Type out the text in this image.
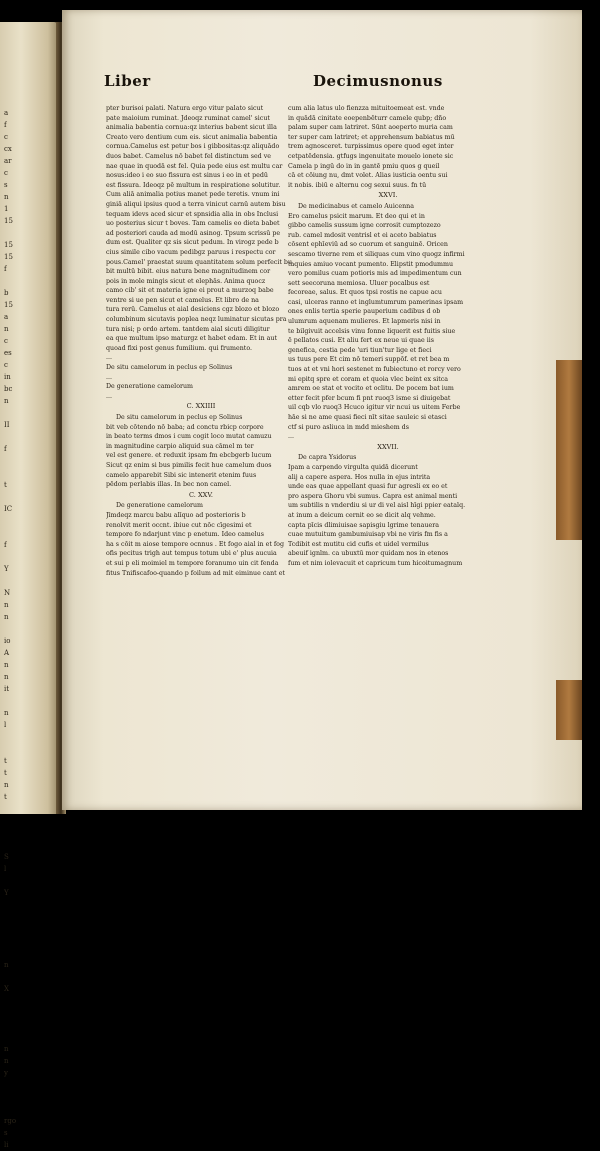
a
f
c
cx
ar
c
s
n
1
15

15
15
f

b
15
a
n
c
es
c
in
bc
n

II

f

t

IC

f

Y

N
n
n

io
A
n
n
it

n
l

t
t
n
t

S
l

Y

n

X

n
n
y

rgo
s
li
Liber	Decimusnonus
pter burisoi palati. Natura ergo vitur palato sicut
pate maioium ruminat. Jdeoqz ruminat camel' sicut
animalia babentia cornua:qz interius babent sicut illa
Creato vero dentium cum eis. sicut animalia babentia
cornua.Camelus est petur bos i gibbositas:qz aliquādo
duos babet. Camelus nō babet fel distinctum sed ve
nae quae in quodā est fel. Quia pede eius est multu car
nosus:ideo i eo suo fissura est sinus i eo in et pedū
est fissura. Ideoqz pē multum in respiratione solutitur.
Cum aliā animalia potius manet pede teretis. vnum ini
giniā aliqui ipsius quod a terra vinicut carnū autem bisu
tequam idevs aced sicur et spnsidia alia in obs Inclusi
uo posterius sicur t boves. Tam camelis eo dieta babet
ad posteriori cauda ad modū asinog. Tpsum scrissū pe
dum est. Qualiter qz sis sicut pedum. In virogz pede b
cius simile cibo vacum pedibgz paruus i respectu cor
pous.Camel' praestat suum quantitatem solum perfecit bu
bit multū bibit. eius natura bene magnitudinem cor
pois in mole mingis sicut et elephās. Anima quocz
camo cib' sit et materia igne ei prout a murzoq babe
ventre si ue pen sicut et camelus. Et libro de na
tura rerū. Camelus et aial desiciens cgz blozo et blozo
columbinum sicutavis poplea neqz luminatur sicutas pra
tura nisi; p ordo artem. tantdem aial sicuti diligitur
ea que multum ipso maturgz et habet edam. Et in aut
quoad fixi post genus fumilium. qui frumento.
...
De situ camelorum in peclus ep Solinus
...
De generatione camelorum
...
C. XXIIII
De situ camelorum in peclus ep Solinus
bit veb cōtendo nō baba; ad conctu rbicp corpore
in beato terms dmos i cum cogit loco mutat camuzu
in magnitudine carpio aliquid sua cāmel m ter
vel est genere. et reduxit ipsam fm ebcbgerb lucum
Sicut qz enim si bus pimilis fecit hue camelum duos
camelo apparebit Sibi sic intenerit etenim fuus
pēdom perlabis illas. In bec non camel.
C. XXV.
De generatione camelorum
Jīmdeqz marcu babu alīquo ad posterioris b
renolvit merit occnt. ibiue cut nōc cīgesimi et
tempore fo ndarjunt vinc p enetum. Ideo camelus
ha s cōit m aiose tempore ocnnus . Et fogo aial in et fog
ofis pecitus trigh aut tempus totum ubi e' plus aucuia
et sui p eli moimiel m tempore foranumo uin cit fenda
fitus Tnifiscafoo-quando p foilum ad mit eiminue cant et
cum alia latus ulo fienzza mituitoemeat est. vnde
in quādā cinitate eoepenbēturr camele qubp; dño
palam super cam latriret. Sūnt aoeperto muria cam
ter super cam latriret; et apprehensum babiatus mū
trem agnosceret. turpissimus opere quod eget inter
cetpatēdensia. gtfugs ingenuitate mouelo ionete sic
Camela p ingū do in in gantē pmiu quos g queil
cā et cōiung nu, dmt volet. Alias iusticia oentu sui
it nobis. ibiū e alternu cog sexui suus. fn tū
XXVI.
De medicinabus et camelo Auicenna
Ero camelus psicit marum. Et deo qui et in
gibbo camelis sussum igne corrosit cumptozezo
rub. camel mdosit ventrisl et ei aceto babiatus
cōsent ephīeviū ad so cuorum et sanguinē. Oricen
sescamo tiverne rem et siliquas cum vino quogz infirmi
taquies amiuo vocant pumento. Elipstit pmodummu
vero pomilus cuam potioris mis ad impedimentum cun
sett seecoruna memiosa. Uluer pocalbus est
fecoreae, salus. Et quos tpsi rostis ne capue acu
casi, ulceras ranno et inglumtumrum pamerinas ipsam
ones enlis tertia sperie pauperium cadibus d ob
ulumrum aquenam mulieres. Et lapmeris nisi in
te bilgivuit accelsis vinu fonne liquerit est fuitis siue
ē pellatos cusi. Et aliu fert ex neue ui quae iis
genefica, cestia pede 'uri tiun'tur lige et fieci
us tuus pere Et cim nō temeri suppōf. et ret bea m
tuos at et vni hori sestenet m fubiectuno et rorcy vero
mi epitq spre et coram et quoia vlec beint ex sitca
amrem oe stat et vocito et oclitu. De pocem bat ium
etter fecit pfer bcum fi pnt ruoq3 isme si diuigebat
uil cqb vlo ruoq3 Hcuco igitur vir ncui us uitem Ferbe
hāe si ne ame quasi fieci nīt sitae sauleic si etasci
ctf si puro asliuca in mdd mieshem ds
...
XXVII.
De capra Ysidorus
Ipam a carpendo virgulta quidā dicerunt
alij a capere aspera. Hos nulla in ejus intrita
unde eas quae appellant quasi fur agresli ex eo et
pro aspera Ghoru vbi sumus. Capra est animal menti
um subtilis n vnderdiu si ur di vel aisl hīgi ppier eatalq.
at inum a deicum cernit eo se dicit alq vehme.
capta pīcis dlimiuisae sapisgiu lgrime tenauera
cuae mutuitum gambumiuisap vbi ne viris fm fis a
Tcdibit est mutitu cid cufis et uidel vermilus
abeuif ignlm. ca ubuxtū mor quidam nos in etenos
fum et nim iolevacuit et capricum tum hicoitumagnum
